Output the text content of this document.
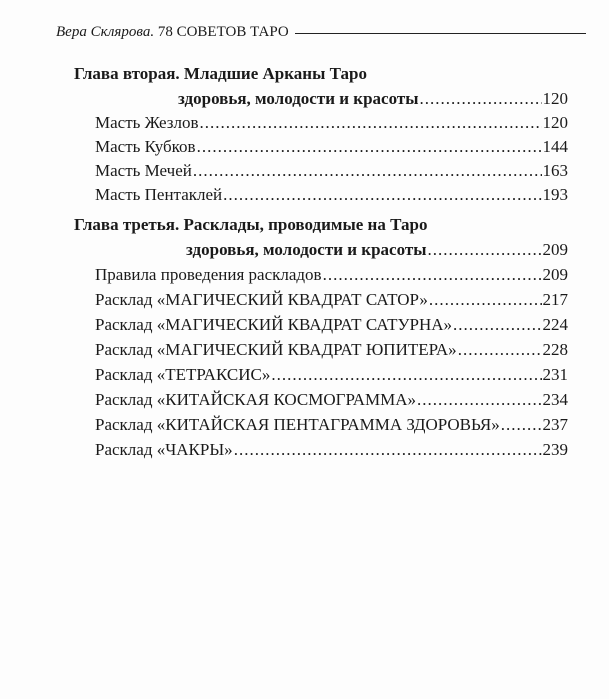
Вера Склярова. 78 СОВЕТОВ ТАРО
Глава вторая. Младшие Арканы Таро
здоровья, молодости и красоты .....	120
Масть Жезлов .....	120
Масть Кубков .....	144
Масть Мечей .....	163
Масть Пентаклей .....	193
Глава третья. Расклады, проводимые на Таро
здоровья, молодости и красоты .....	209
Правила проведения раскладов .....	209
Расклад «МАГИЧЕСКИЙ КВАДРАТ САТОР» .....	217
Расклад «МАГИЧЕСКИЙ КВАДРАТ САТУРНА» .....	224
Расклад «МАГИЧЕСКИЙ КВАДРАТ ЮПИТЕРА» .....	228
Расклад «ТЕТРАКСИС» .....	231
Расклад «КИТАЙСКАЯ КОСМОГРАММА» .....	234
Расклад «КИТАЙСКАЯ ПЕНТАГРАММА ЗДОРОВЬЯ» .....	237
Расклад «ЧАКРЫ» .....	239
